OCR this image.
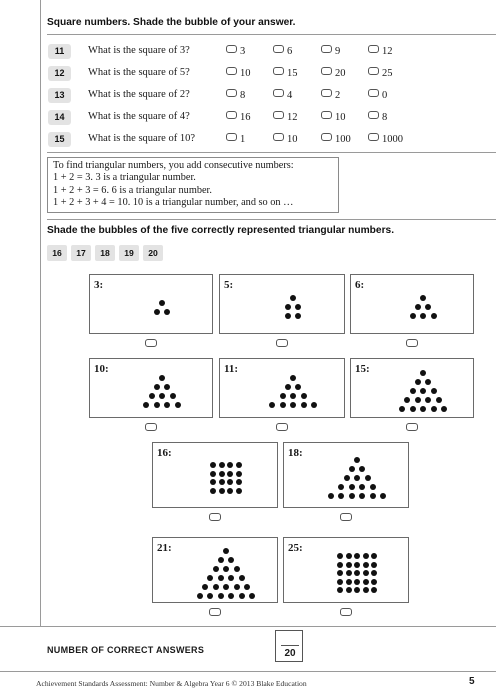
Square numbers. Shade the bubble of your answer.
11	What is the square of 3?	3	6	9	12
12	What is the square of 5?	10	15	20	25
13	What is the square of 2?	8	4	2	0
14	What is the square of 4?	16	12	10	8
15	What is the square of 10?	1	10	100	1000
To find triangular numbers, you add consecutive numbers:
1 + 2 = 3. 3 is a triangular number.
1 + 2 + 3 = 6. 6 is a triangular number.
1 + 2 + 3 + 4 = 10. 10 is a triangular number, and so on …
Shade the bubbles of the five correctly represented triangular numbers.
16	17	18	19	20
3:	5:	6:
10:	11:	15:
16:	18:
21:	25:
NUMBER OF CORRECT ANSWERS	20
Achievement Standards Assessment: Number & Algebra Year 6 © 2013 Blake Education	5
